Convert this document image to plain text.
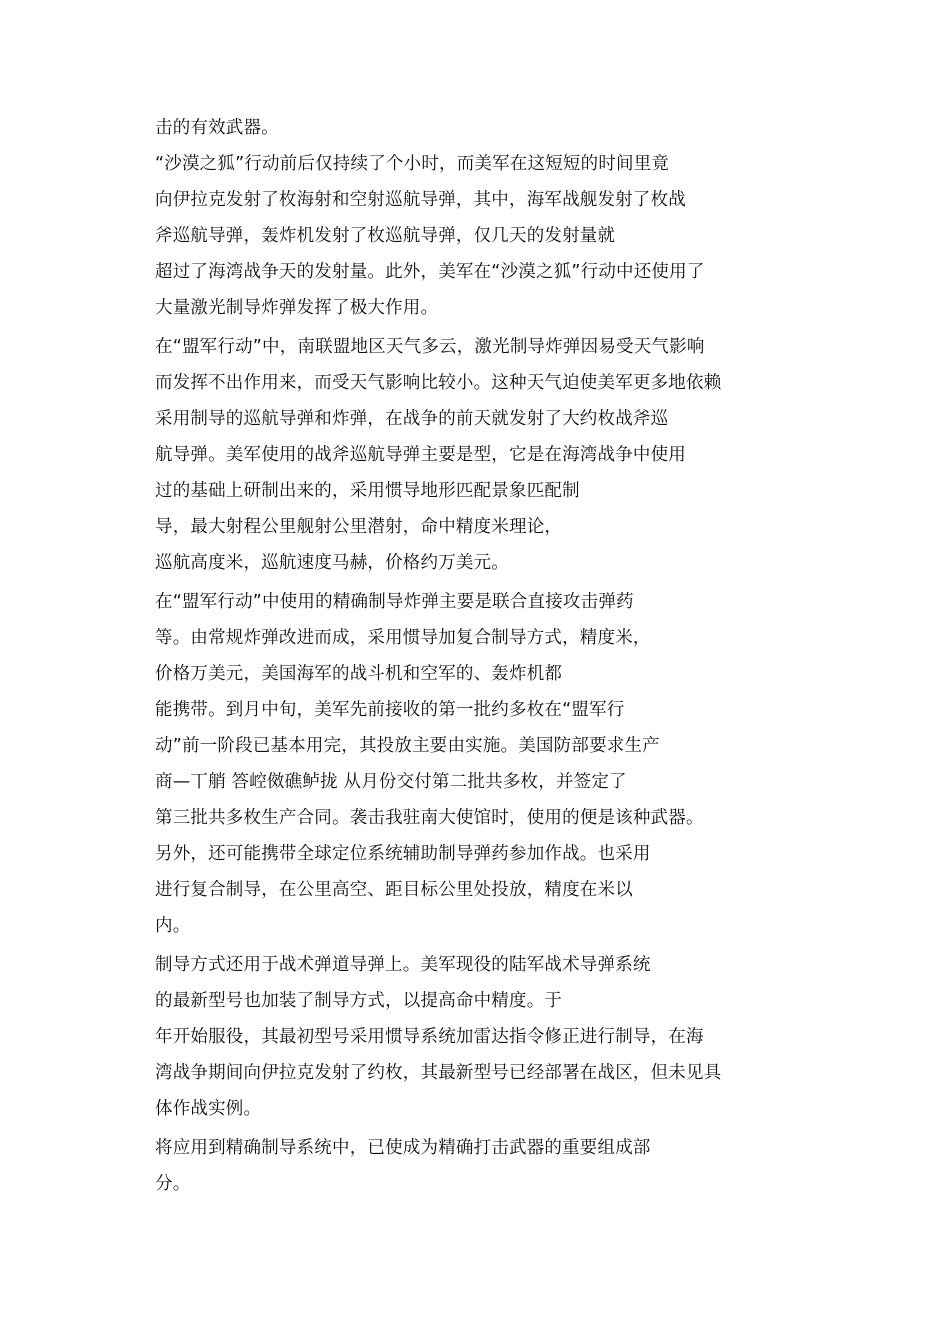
击的有效武器。
“沙漠之狐”行动前后仅持续了个小时，而美军在这短短的时间里竟
向伊拉克发射了枚海射和空射巡航导弹，其中，海军战舰发射了枚战
斧巡航导弹，轰炸机发射了枚巡航导弹，仅几天的发射量就
超过了海湾战争天的发射量。此外，美军在“沙漠之狐”行动中还使用了
大量激光制导炸弹发挥了极大作用。
在“盟军行动”中，南联盟地区天气多云，激光制导炸弹因易受天气影响
而发挥不出作用来，而受天气影响比较小。这种天气迫使美军更多地依赖
采用制导的巡航导弹和炸弹，在战争的前天就发射了大约枚战斧巡
航导弹。美军使用的战斧巡航导弹主要是型，它是在海湾战争中使用
过的基础上研制出来的，采用惯导地形匹配景象匹配制
导，最大射程公里舰射公里潜射，命中精度米理论，
巡航高度米，巡航速度马赫，价格约万美元。
在“盟军行动”中使用的精确制导炸弹主要是联合直接攻击弹药
等。由常规炸弹改进而成，采用惯导加复合制导方式，精度米，
价格万美元，美国海军的战斗机和空军的、轰炸机都
能携带。到月中旬，美军先前接收的第一批约多枚在“盟军行
动”前一阶段已基本用完，其投放主要由实施。美国防部要求生产
商—丅艄 答崆傚礁鲈拢 从月份交付第二批共多枚，并签定了
第三批共多枚生产合同。袭击我驻南大使馆时，使用的便是该种武器。
另外，还可能携带全球定位系统辅助制导弹药参加作战。也采用
进行复合制导，在公里高空、距目标公里处投放，精度在米以
内。
制导方式还用于战术弹道导弹上。美军现役的陆军战术导弹系统
的最新型号也加装了制导方式，以提高命中精度。于
年开始服役，其最初型号采用惯导系统加雷达指令修正进行制导，在海
湾战争期间向伊拉克发射了约枚，其最新型号已经部署在战区，但未见具
体作战实例。
将应用到精确制导系统中，已使成为精确打击武器的重要组成部
分。
